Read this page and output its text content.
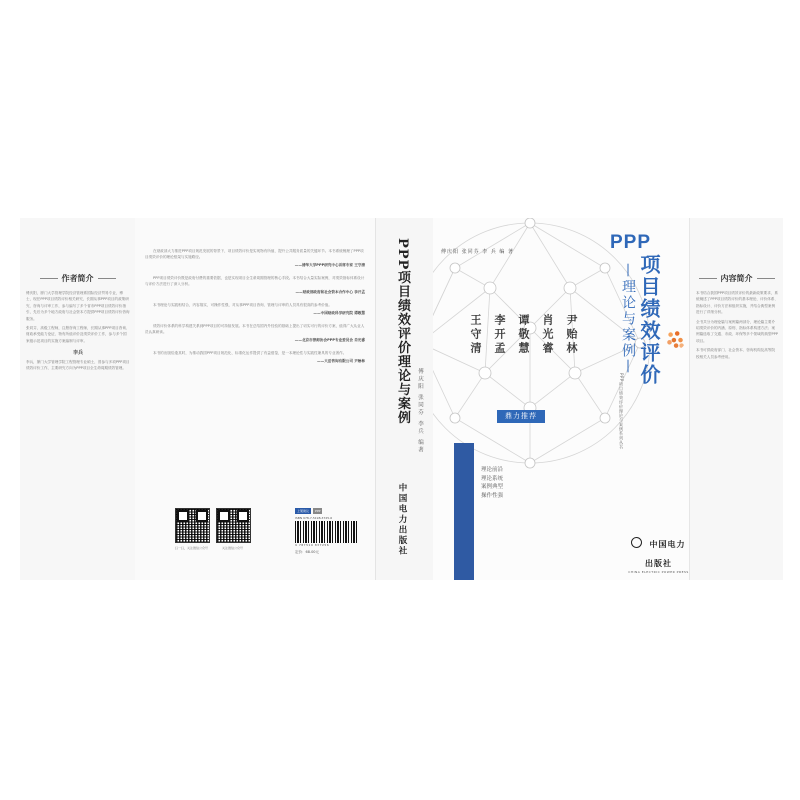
作者简介

傅庆阳，厦门大学管理学院经济管理系国际经济贸易专业，博士，现任PPP项目绩效评价相关研究，长期从事PPP项目的政策研究、咨询与评审工作，参与编写了多个省市PPP项目绩效评价指引，先后为多个地方政府与社会资本方提供PPP项目绩效评价咨询服务。

张同芬，高级工程师，注册咨询工程师，长期从事PPP项目咨询、财政承受能力论证、物有所值评价及绩效评价工作，参与多个国家级示范项目的实施方案编制与评审。

李兵

李兵，厦门大学管理学院工程管理专业硕士，曾参与多项PPP项目绩效评价工作，主要研究方向为PPP项目全生命周期绩效管理。

在财政部大力推进PPP项目规范发展的背景下，项目绩效评价是实现物有所值、提升公共服务质量的关键环节。本书系统梳理了PPP项目绩效评价的理论框架与实施路径。

——清华大学PPP研究中心首席专家 王守清

PPP项目绩效评价既是政府付费的重要依据，也是实现项目全生命周期管理的核心手段。本书结合大量实际案例，对绩效指标体系设计与评价方法进行了深入分析。

——财政部政府和社会资本合作中心 李开孟

本书理论与实践相结合，内容翔实，可操作性强，对从事PPP项目咨询、管理与评审的人员具有很高的参考价值。

——中国财政科学研究院 谭敬慧

绩效评价体系的科学构建关系到PPP项目的可持续发展。本书在总结国内外经验的基础上提出了切实可行的评价方案，值得广大从业人员认真研读。

——北京市律师协会PPP专业委员会 肖光睿

本书的出版恰逢其时，为推动我国PPP项目规范化、标准化运作提供了有益借鉴，是一本理论性与实践性兼具的专业著作。

——大岳咨询有限公司 尹贻林

扫一扫，关注微信公众号	关注微信公众号
上架建议	PPP
ISBN 978-7-5198-3725-6
9 787519 837256
定价：68.00元
PPP项目绩效评价理论与案例	傅庆阳 张同芬 李兵 编著
中国电力出版社
傅庆阳 张同芬 李 兵 编 著	PPP
项目绩效评价
—理论与案例—
PPP项目绩效评价理论与案例系列丛书
尹贻林
肖光睿
谭敬慧
李开孟
王守清
鼎力推荐
理论前沿
理论系统
案例典型
操作性强
中国电力出版社
CHINA ELECTRIC POWER PRESS
内容简介

本书结合我国PPP项目绩效评价的最新政策要求，系统阐述了PPP项目绩效评价的基本理论、评价体系、指标设计、评价方法和组织实施，并结合典型案例进行了详细分析。

全书共分为理论篇与案例篇两部分，理论篇主要介绍绩效评价的内涵、原则、指标体系构建方法；案例篇选取了交通、市政、环保等多个领域的典型PPP项目。

本书可供政府部门、社会资本、咨询机构及高等院校相关人员参考使用。
